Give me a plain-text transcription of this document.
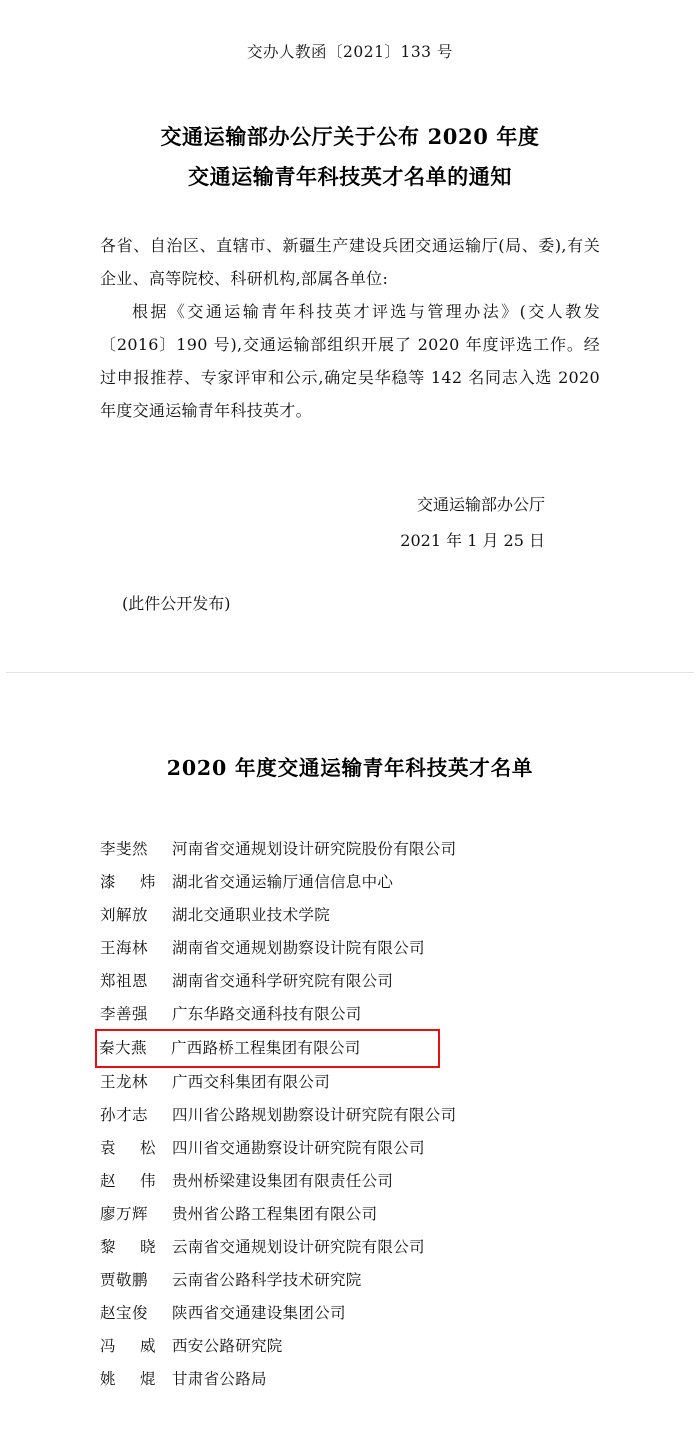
交办人教函〔2021〕133 号
交通运输部办公厅关于公布 2020 年度
交通运输青年科技英才名单的通知

各省、自治区、直辖市、新疆生产建设兵团交通运输厅(局、委),有关企业、高等院校、科研机构,部属各单位:

根据《交通运输青年科技英才评选与管理办法》(交人教发〔2016〕190 号),交通运输部组织开展了 2020 年度评选工作。经过申报推荐、专家评审和公示,确定吴华稳等 142 名同志入选 2020 年度交通运输青年科技英才。

交通运输部办公厅
2021 年 1 月 25 日
(此件公开发布)
2020 年度交通运输青年科技英才名单
李斐然	河南省交通规划设计研究院股份有限公司
漆炜	湖北省交通运输厅通信信息中心
刘解放	湖北交通职业技术学院
王海林	湖南省交通规划勘察设计院有限公司
郑祖恩	湖南省交通科学研究院有限公司
李善强	广东华路交通科技有限公司
秦大燕	广西路桥工程集团有限公司
王龙林	广西交科集团有限公司
孙才志	四川省公路规划勘察设计研究院有限公司
袁松	四川省交通勘察设计研究院有限公司
赵伟	贵州桥梁建设集团有限责任公司
廖万辉	贵州省公路工程集团有限公司
黎晓	云南省交通规划设计研究院有限公司
贾敬鹏	云南省公路科学技术研究院
赵宝俊	陕西省交通建设集团公司
冯威	西安公路研究院
姚焜	甘肃省公路局
